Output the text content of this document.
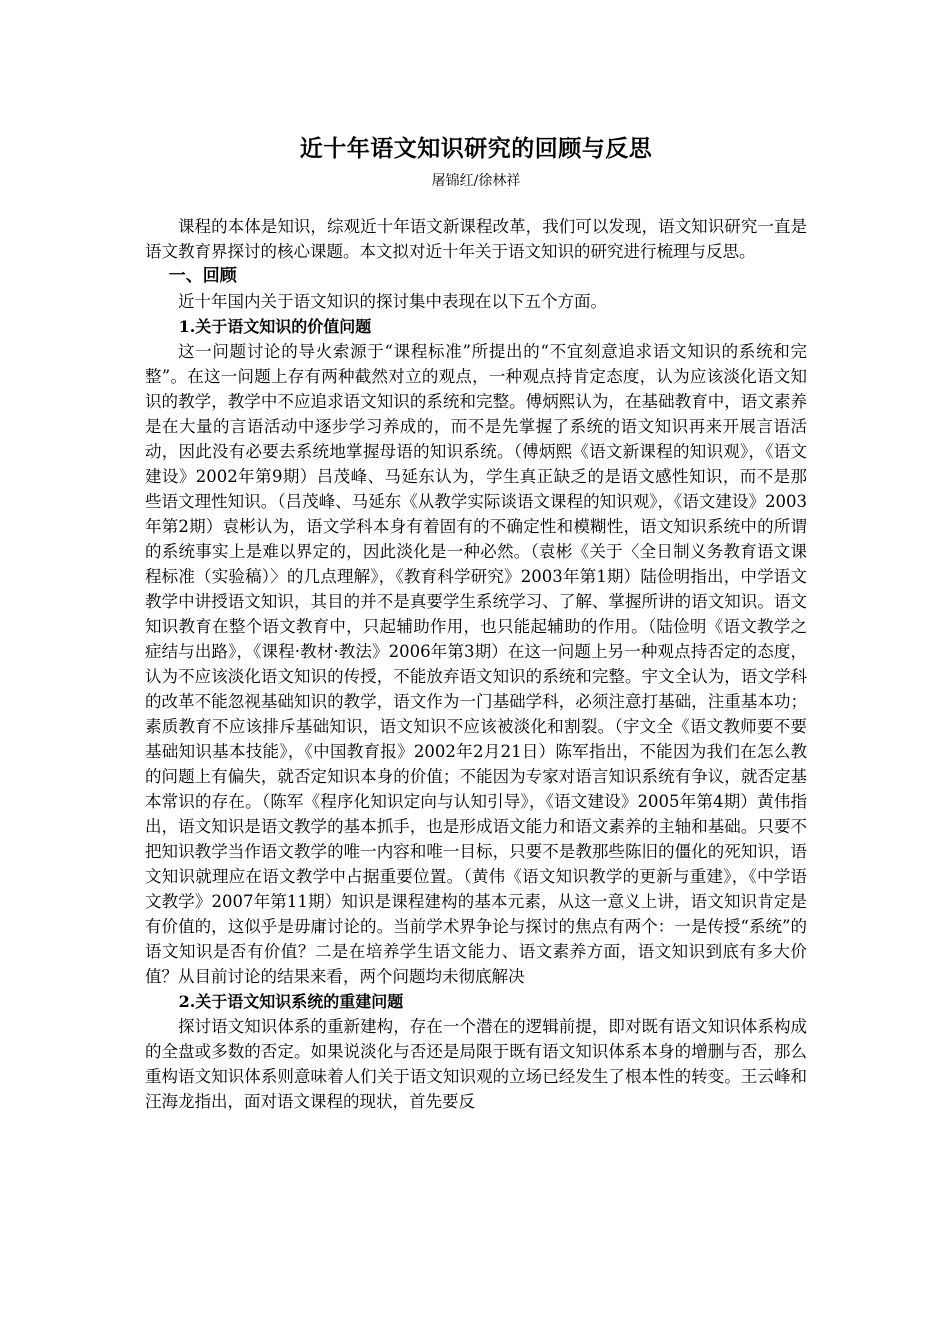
近十年语文知识研究的回顾与反思
屠锦红/徐林祥

课程的本体是知识，综观近十年语文新课程改革，我们可以发现，语文知识研究一直是语文教育界探讨的核心课题。本文拟对近十年关于语文知识的研究进行梳理与反思。

一、回顾

近十年国内关于语文知识的探讨集中表现在以下五个方面。

1.关于语文知识的价值问题

这一问题讨论的导火索源于“课程标准”所提出的“不宜刻意追求语文知识的系统和完整”。在这一问题上存有两种截然对立的观点，一种观点持肯定态度，认为应该淡化语文知识的教学，教学中不应追求语文知识的系统和完整。傅炳熙认为，在基础教育中，语文素养是在大量的言语活动中逐步学习养成的，而不是先掌握了系统的语文知识再来开展言语活动，因此没有必要去系统地掌握母语的知识系统。（傅炳熙《语文新课程的知识观》，《语文建设》2002年第9期）吕茂峰、马延东认为，学生真正缺乏的是语文感性知识，而不是那些语文理性知识。（吕茂峰、马延东《从教学实际谈语文课程的知识观》，《语文建设》2003年第2期）袁彬认为，语文学科本身有着固有的不确定性和模糊性，语文知识系统中的所谓的系统事实上是难以界定的，因此淡化是一种必然。（袁彬《关于〈全日制义务教育语文课程标准（实验稿）〉的几点理解》，《教育科学研究》2003年第1期）陆俭明指出，中学语文教学中讲授语文知识，其目的并不是真要学生系统学习、了解、掌握所讲的语文知识。语文知识教育在整个语文教育中，只起辅助作用，也只能起辅助的作用。（陆俭明《语文教学之症结与出路》，《课程·教材·教法》2006年第3期）在这一问题上另一种观点持否定的态度，认为不应该淡化语文知识的传授，不能放弃语文知识的系统和完整。宇文全认为，语文学科的改革不能忽视基础知识的教学，语文作为一门基础学科，必须注意打基础，注重基本功；素质教育不应该排斥基础知识，语文知识不应该被淡化和割裂。（宇文全《语文教师要不要基础知识基本技能》，《中国教育报》2002年2月21日）陈军指出，不能因为我们在怎么教的问题上有偏失，就否定知识本身的价值；不能因为专家对语言知识系统有争议，就否定基本常识的存在。（陈军《程序化知识定向与认知引导》，《语文建设》2005年第4期）黄伟指出，语文知识是语文教学的基本抓手，也是形成语文能力和语文素养的主轴和基础。只要不把知识教学当作语文教学的唯一内容和唯一目标，只要不是教那些陈旧的僵化的死知识，语文知识就理应在语文教学中占据重要位置。（黄伟《语文知识教学的更新与重建》，《中学语文教学》2007年第11期）知识是课程建构的基本元素，从这一意义上讲，语文知识肯定是有价值的，这似乎是毋庸讨论的。当前学术界争论与探讨的焦点有两个：一是传授“系统”的语文知识是否有价值？二是在培养学生语文能力、语文素养方面，语文知识到底有多大价值？从目前讨论的结果来看，两个问题均未彻底解决

2.关于语文知识系统的重建问题

探讨语文知识体系的重新建构，存在一个潜在的逻辑前提，即对既有语文知识体系构成的全盘或多数的否定。如果说淡化与否还是局限于既有语文知识体系本身的增删与否，那么重构语文知识体系则意味着人们关于语文知识观的立场已经发生了根本性的转变。王云峰和汪海龙指出，面对语文课程的现状，首先要反
